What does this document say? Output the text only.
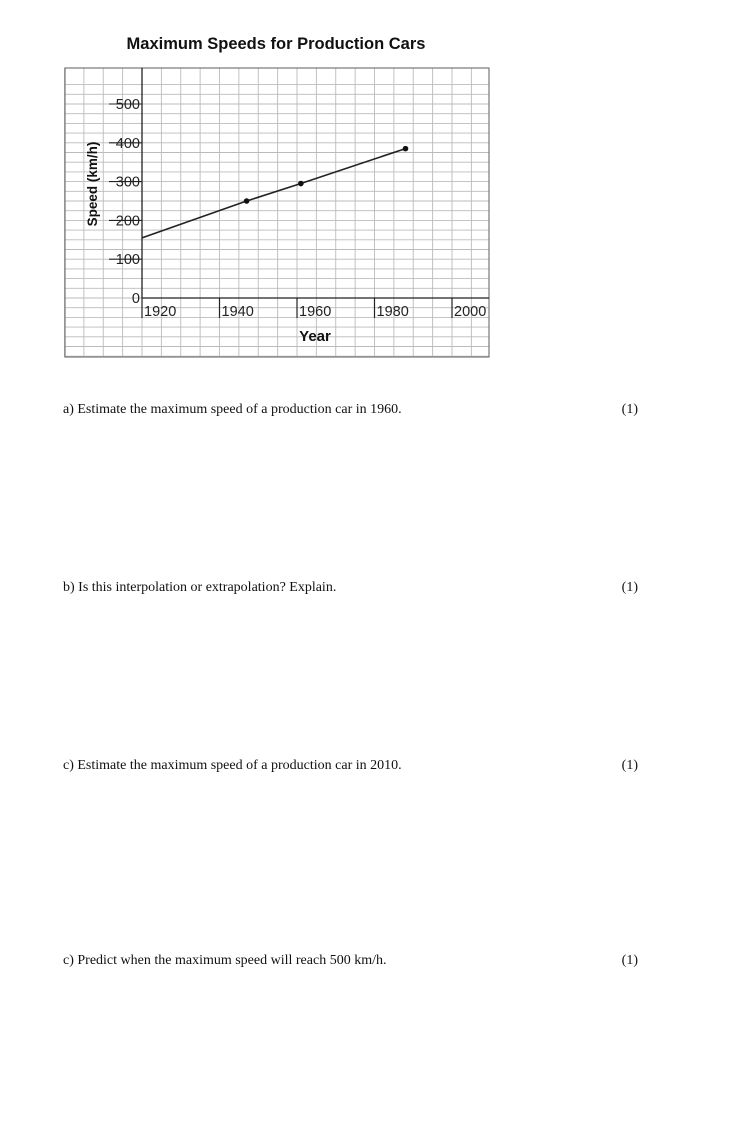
Maximum Speeds for Production Cars
1920	1940	1960	1980	2000
0
100
200
300
400
500
Year
Speed (km/h)
a) Estimate the maximum speed of a production car in 1960.	(1)
b) Is this interpolation or extrapolation? Explain.	(1)
c) Estimate the maximum speed of a production car in 2010.	(1)
c) Predict when the maximum speed will reach 500 km/h.	(1)
